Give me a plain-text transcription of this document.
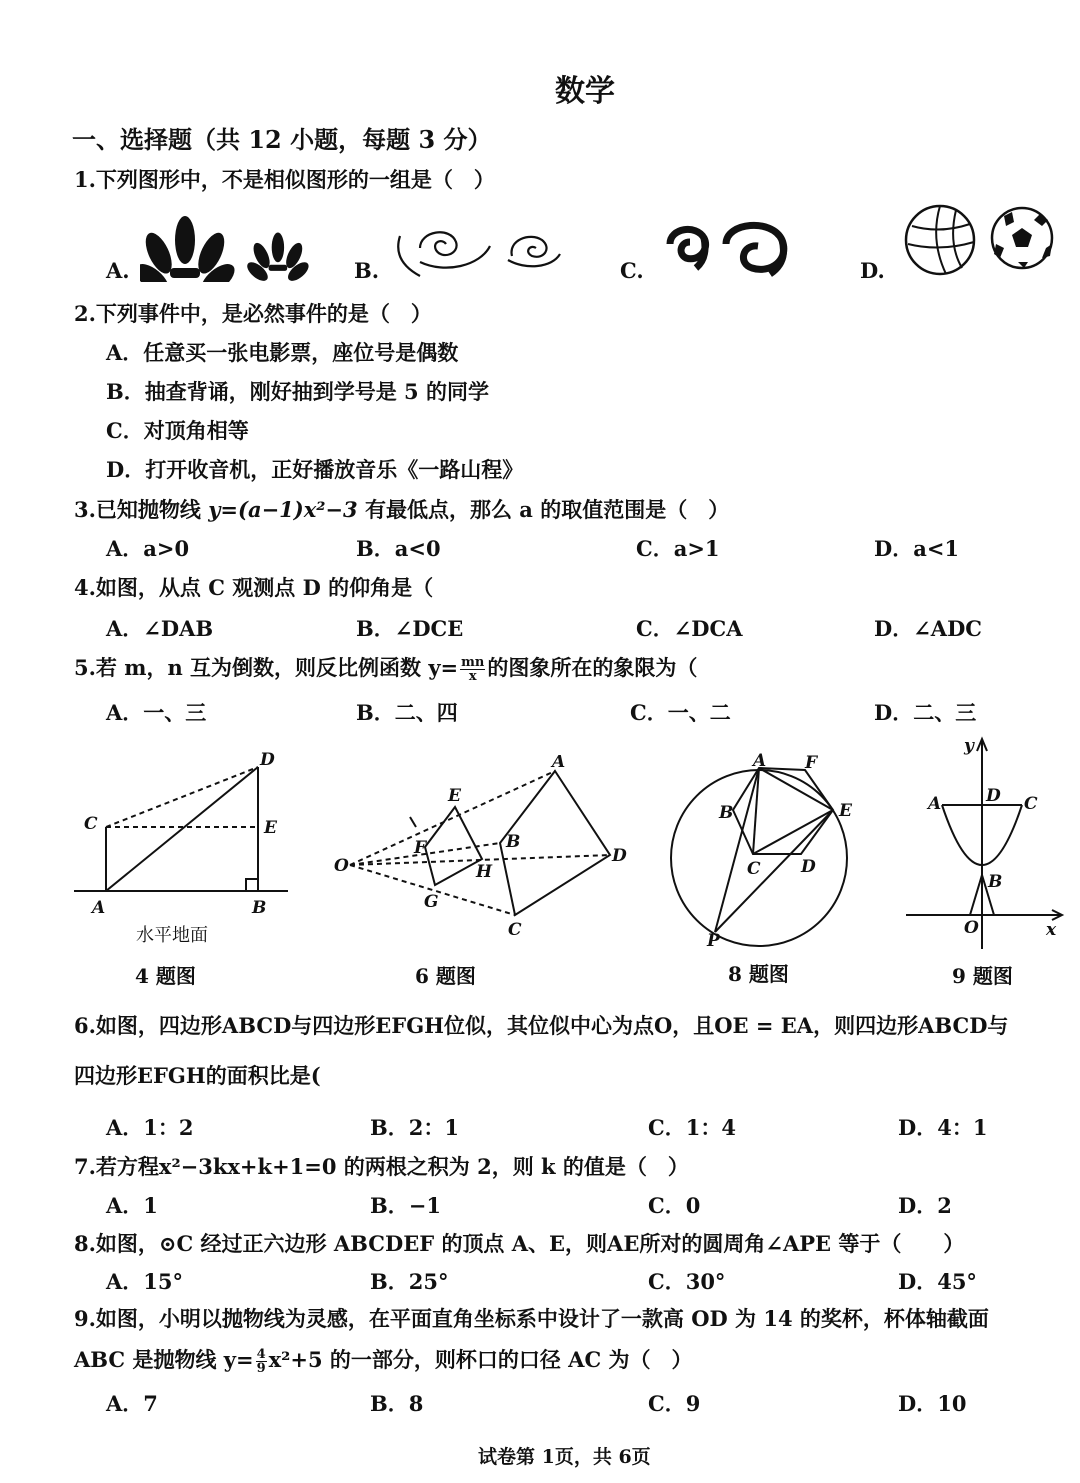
数学
一、选择题（共 12 小题，每题 3 分）
1.下列图形中，不是相似图形的一组是（　）
A.	B.	C.	D.
2.下列事件中，是必然事件的是（　）
A．任意买一张电影票，座位号是偶数
B．抽查背诵，刚好抽到学号是 5 的同学
C．对顶角相等
D．打开收音机，正好播放音乐《一路山程》
3.已知抛物线 y=(a−1)x²−3 有最低点，那么 a 的取值范围是（　）
A．a>0	B．a<0	C．a>1	D．a<1
4.如图，从点 C 观测点 D 的仰角是（
A．∠DAB	B．∠DCE	C．∠DCA	D．∠ADC
5.若 m，n 互为倒数，则反比例函数 $y= \frac{mn}{x}$ 的图象所在的象限为（
A．一、三	B．二、四	C．一、二	D．二、三
D
C	E
A	B
水平地面
4 题图
A
E
B
F
H
O	D
G
C
6 题图
A F
B	E
C D
P
8 题图
y
A	D C
B
O	x
9 题图
6.如图，四边形ABCD与四边形EFGH位似，其位似中心为点O，且OE = EA，则四边形ABCD与
四边形EFGH的面积比是(
A．1：2	B．2：1	C．1：4	D．4：1
7.若方程x²−3kx+k+1=0 的两根之积为 2，则 k 的值是（　）
A．1	B．−1	C．0	D．2
8.如图，⊙C 经过正六边形 ABCDEF 的顶点 A、E，则AE所对的圆周角∠APE 等于（　　）
A．15°	B．25°	C．30°	D．45°
9.如图，小明以抛物线为灵感，在平面直角坐标系中设计了一款高 OD 为 14 的奖杯，杯体轴截面
ABC 是抛物线 $y= \frac{4}{9} x^2+5$ 的一部分，则杯口的口径 AC 为（　）
A．7	B．8	C．9	D．10
试卷第 1页，共 6页
